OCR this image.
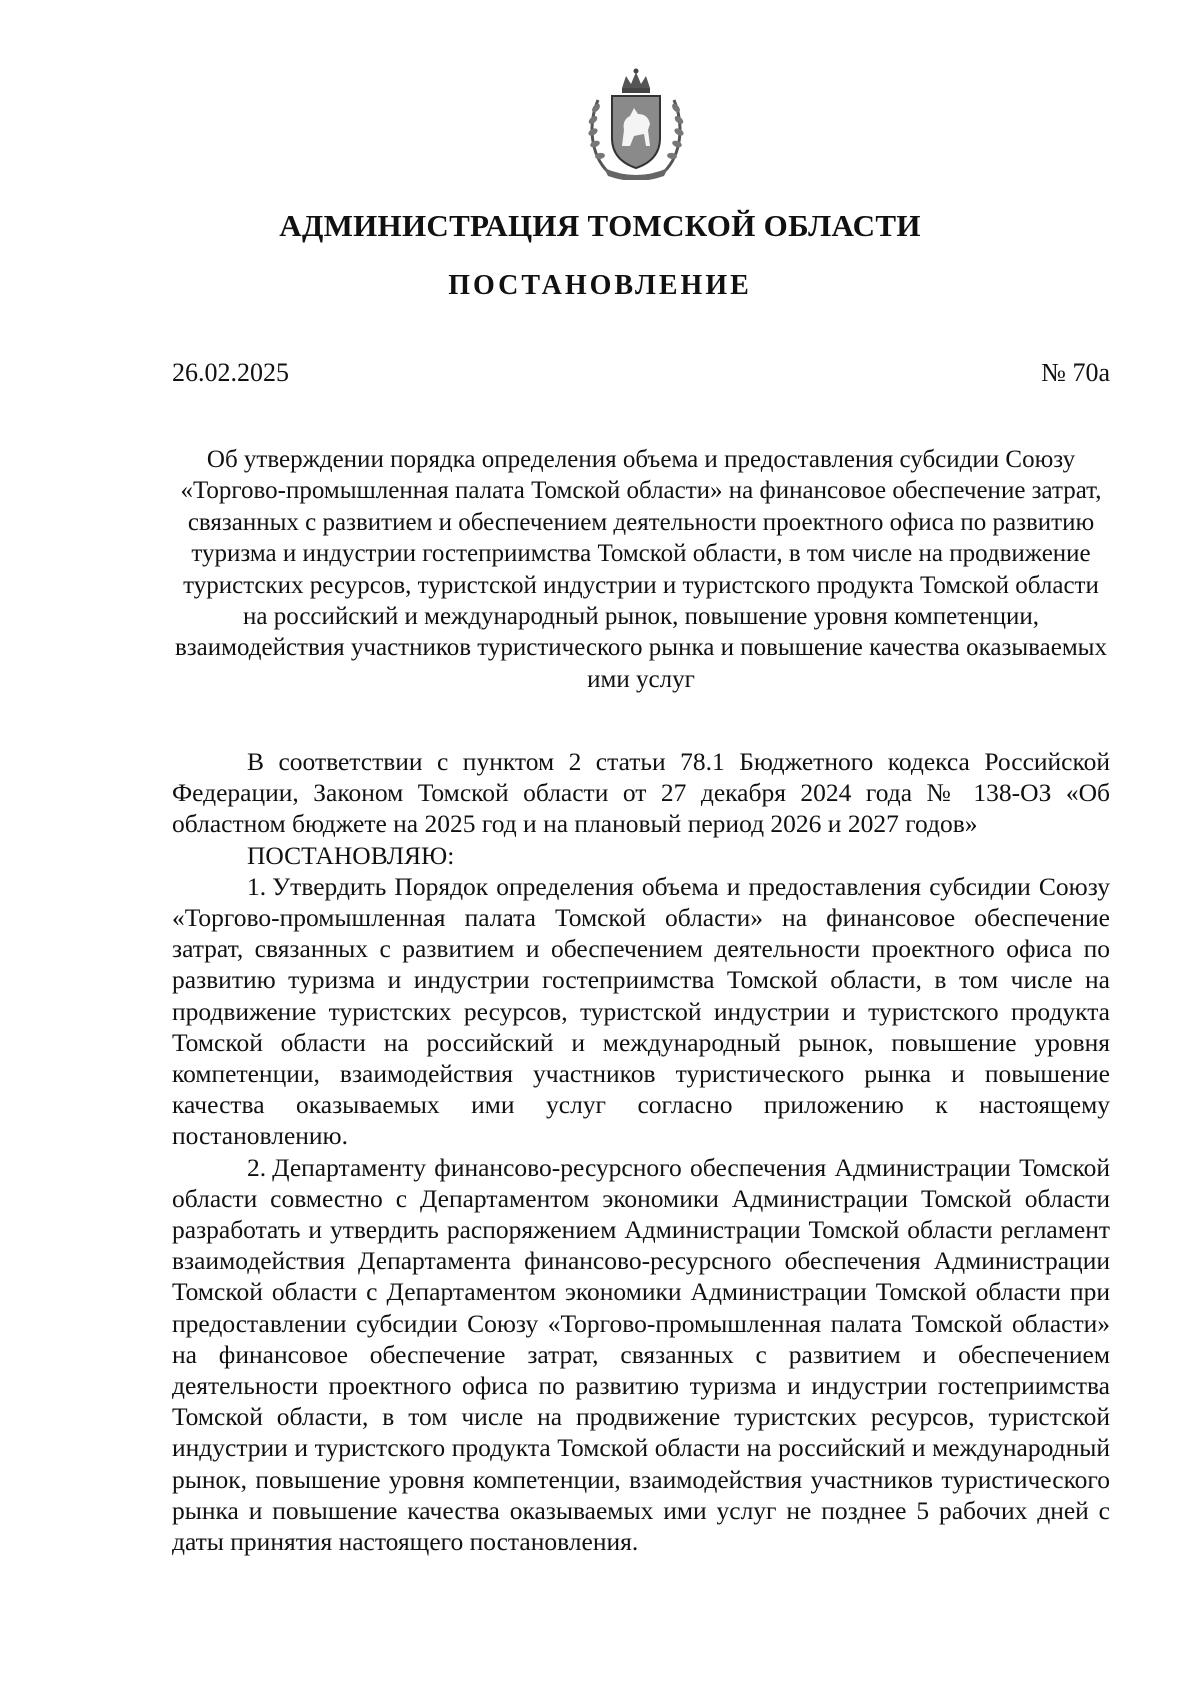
АДМИНИСТРАЦИЯ ТОМСКОЙ ОБЛАСТИ
ПОСТАНОВЛЕНИЕ
26.02.2025	№ 70а
Об утверждении порядка определения объема и предоставления субсидии Союзу «Торгово-промышленная палата Томской области» на финансовое обеспечение затрат, связанных с развитием и обеспечением деятельности проектного офиса по развитию туризма и индустрии гостеприимства Томской области, в том числе на продвижение туристских ресурсов, туристской индустрии и туристского продукта Томской области на российский и международный рынок, повышение уровня компетенции, взаимодействия участников туристического рынка и повышение качества оказываемых ими услуг

В соответствии с пунктом 2 статьи 78.1 Бюджетного кодекса Российской Федерации, Законом Томской области от 27 декабря 2024 года № 138-ОЗ «Об областном бюджете на 2025 год и на плановый период 2026 и 2027 годов»

ПОСТАНОВЛЯЮ:

1. Утвердить Порядок определения объема и предоставления субсидии Союзу «Торгово-промышленная палата Томской области» на финансовое обеспечение затрат, связанных с развитием и обеспечением деятельности проектного офиса по развитию туризма и индустрии гостеприимства Томской области, в том числе на продвижение туристских ресурсов, туристской индустрии и туристского продукта Томской области на российский и международный рынок, повышение уровня компетенции, взаимодействия участников туристического рынка и повышение качества оказываемых ими услуг согласно приложению к настоящему постановлению.

2. Департаменту финансово-ресурсного обеспечения Администрации Томской области совместно с Департаментом экономики Администрации Томской области разработать и утвердить распоряжением Администрации Томской области регламент взаимодействия Департамента финансово-ресурсного обеспечения Администрации Томской области с Департаментом экономики Администрации Томской области при предоставлении субсидии Союзу «Торгово-промышленная палата Томской области» на финансовое обеспечение затрат, связанных с развитием и обеспечением деятельности проектного офиса по развитию туризма и индустрии гостеприимства Томской области, в том числе на продвижение туристских ресурсов, туристской индустрии и туристского продукта Томской области на российский и международный рынок, повышение уровня компетенции, взаимодействия участников туристического рынка и повышение качества оказываемых ими услуг не позднее 5 рабочих дней с даты принятия настоящего постановления.
